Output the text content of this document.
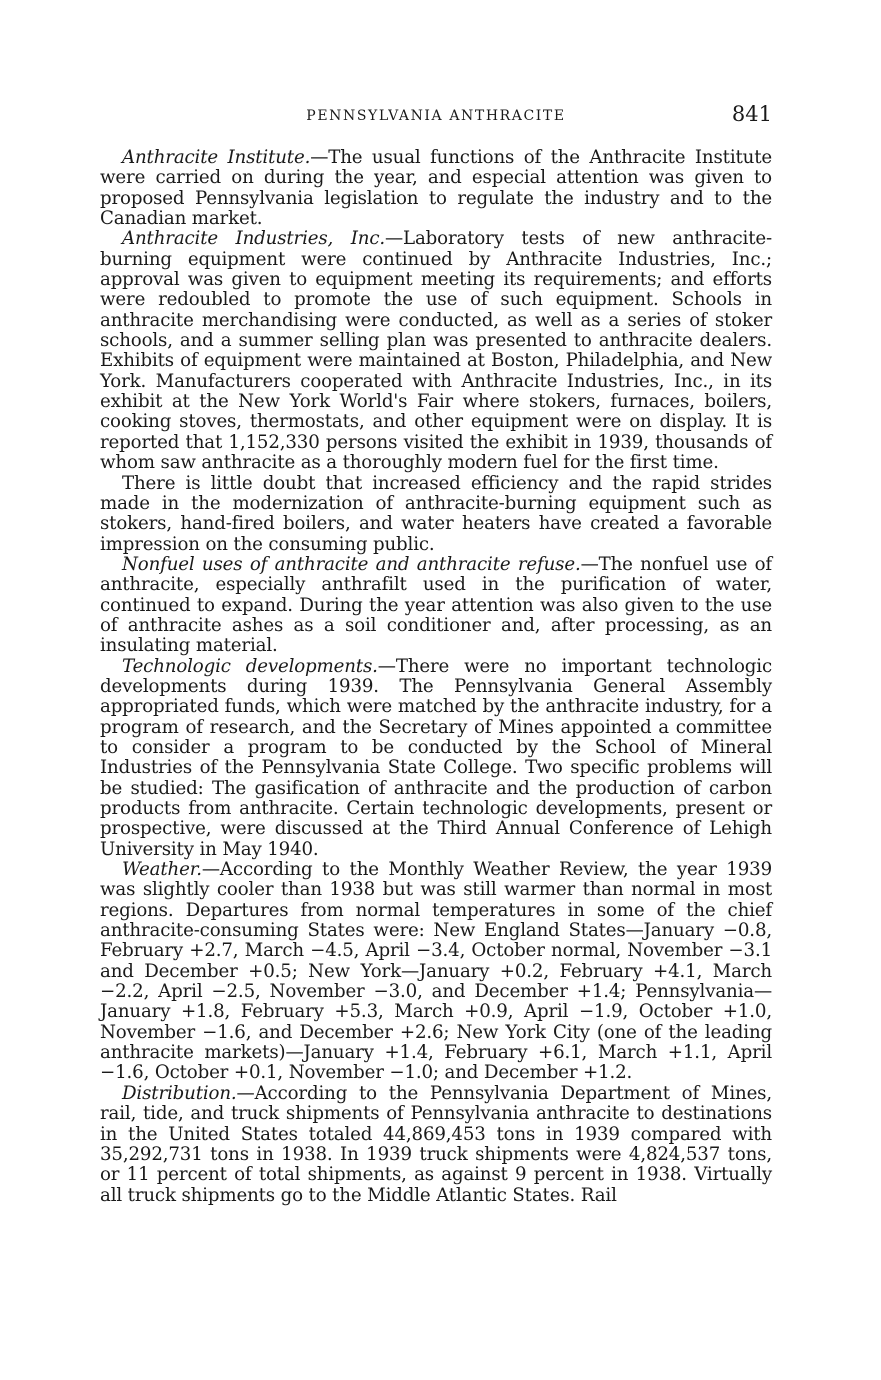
PENNSYLVANIA ANTHRACITE	841

Anthracite Institute.—The usual functions of the Anthracite Institute were carried on during the year, and especial attention was given to proposed Pennsylvania legislation to regulate the industry and to the Canadian market.

Anthracite Industries, Inc.—Laboratory tests of new anthracite-burning equipment were continued by Anthracite Industries, Inc.; approval was given to equipment meeting its requirements; and efforts were redoubled to promote the use of such equipment. Schools in anthracite merchandising were conducted, as well as a series of stoker schools, and a summer selling plan was presented to anthracite dealers. Exhibits of equipment were maintained at Boston, Philadelphia, and New York. Manufacturers cooperated with Anthracite Industries, Inc., in its exhibit at the New York World's Fair where stokers, furnaces, boilers, cooking stoves, thermostats, and other equipment were on display. It is reported that 1,152,330 persons visited the exhibit in 1939, thousands of whom saw anthracite as a thoroughly modern fuel for the first time.

There is little doubt that increased efficiency and the rapid strides made in the modernization of anthracite-burning equipment such as stokers, hand-fired boilers, and water heaters have created a favorable impression on the consuming public.

Nonfuel uses of anthracite and anthracite refuse.—The nonfuel use of anthracite, especially anthrafilt used in the purification of water, continued to expand. During the year attention was also given to the use of anthracite ashes as a soil conditioner and, after processing, as an insulating material.

Technologic developments.—There were no important technologic developments during 1939. The Pennsylvania General Assembly appropriated funds, which were matched by the anthracite industry, for a program of research, and the Secretary of Mines appointed a committee to consider a program to be conducted by the School of Mineral Industries of the Pennsylvania State College. Two specific problems will be studied: The gasification of anthracite and the production of carbon products from anthracite. Certain technologic developments, present or prospective, were discussed at the Third Annual Conference of Lehigh University in May 1940.

Weather.—According to the Monthly Weather Review, the year 1939 was slightly cooler than 1938 but was still warmer than normal in most regions. Departures from normal temperatures in some of the chief anthracite-consuming States were: New England States—January −0.8, February +2.7, March −4.5, April −3.4, October normal, November −3.1 and December +0.5; New York—January +0.2, February +4.1, March −2.2, April −2.5, November −3.0, and December +1.4; Pennsylvania—January +1.8, February +5.3, March +0.9, April −1.9, October +1.0, November −1.6, and December +2.6; New York City (one of the leading anthracite markets)—January +1.4, February +6.1, March +1.1, April −1.6, October +0.1, November −1.0; and December +1.2.

Distribution.—According to the Pennsylvania Department of Mines, rail, tide, and truck shipments of Pennsylvania anthracite to destinations in the United States totaled 44,869,453 tons in 1939 compared with 35,292,731 tons in 1938. In 1939 truck shipments were 4,824,537 tons, or 11 percent of total shipments, as against 9 percent in 1938. Virtually all truck shipments go to the Middle Atlantic States. Rail
